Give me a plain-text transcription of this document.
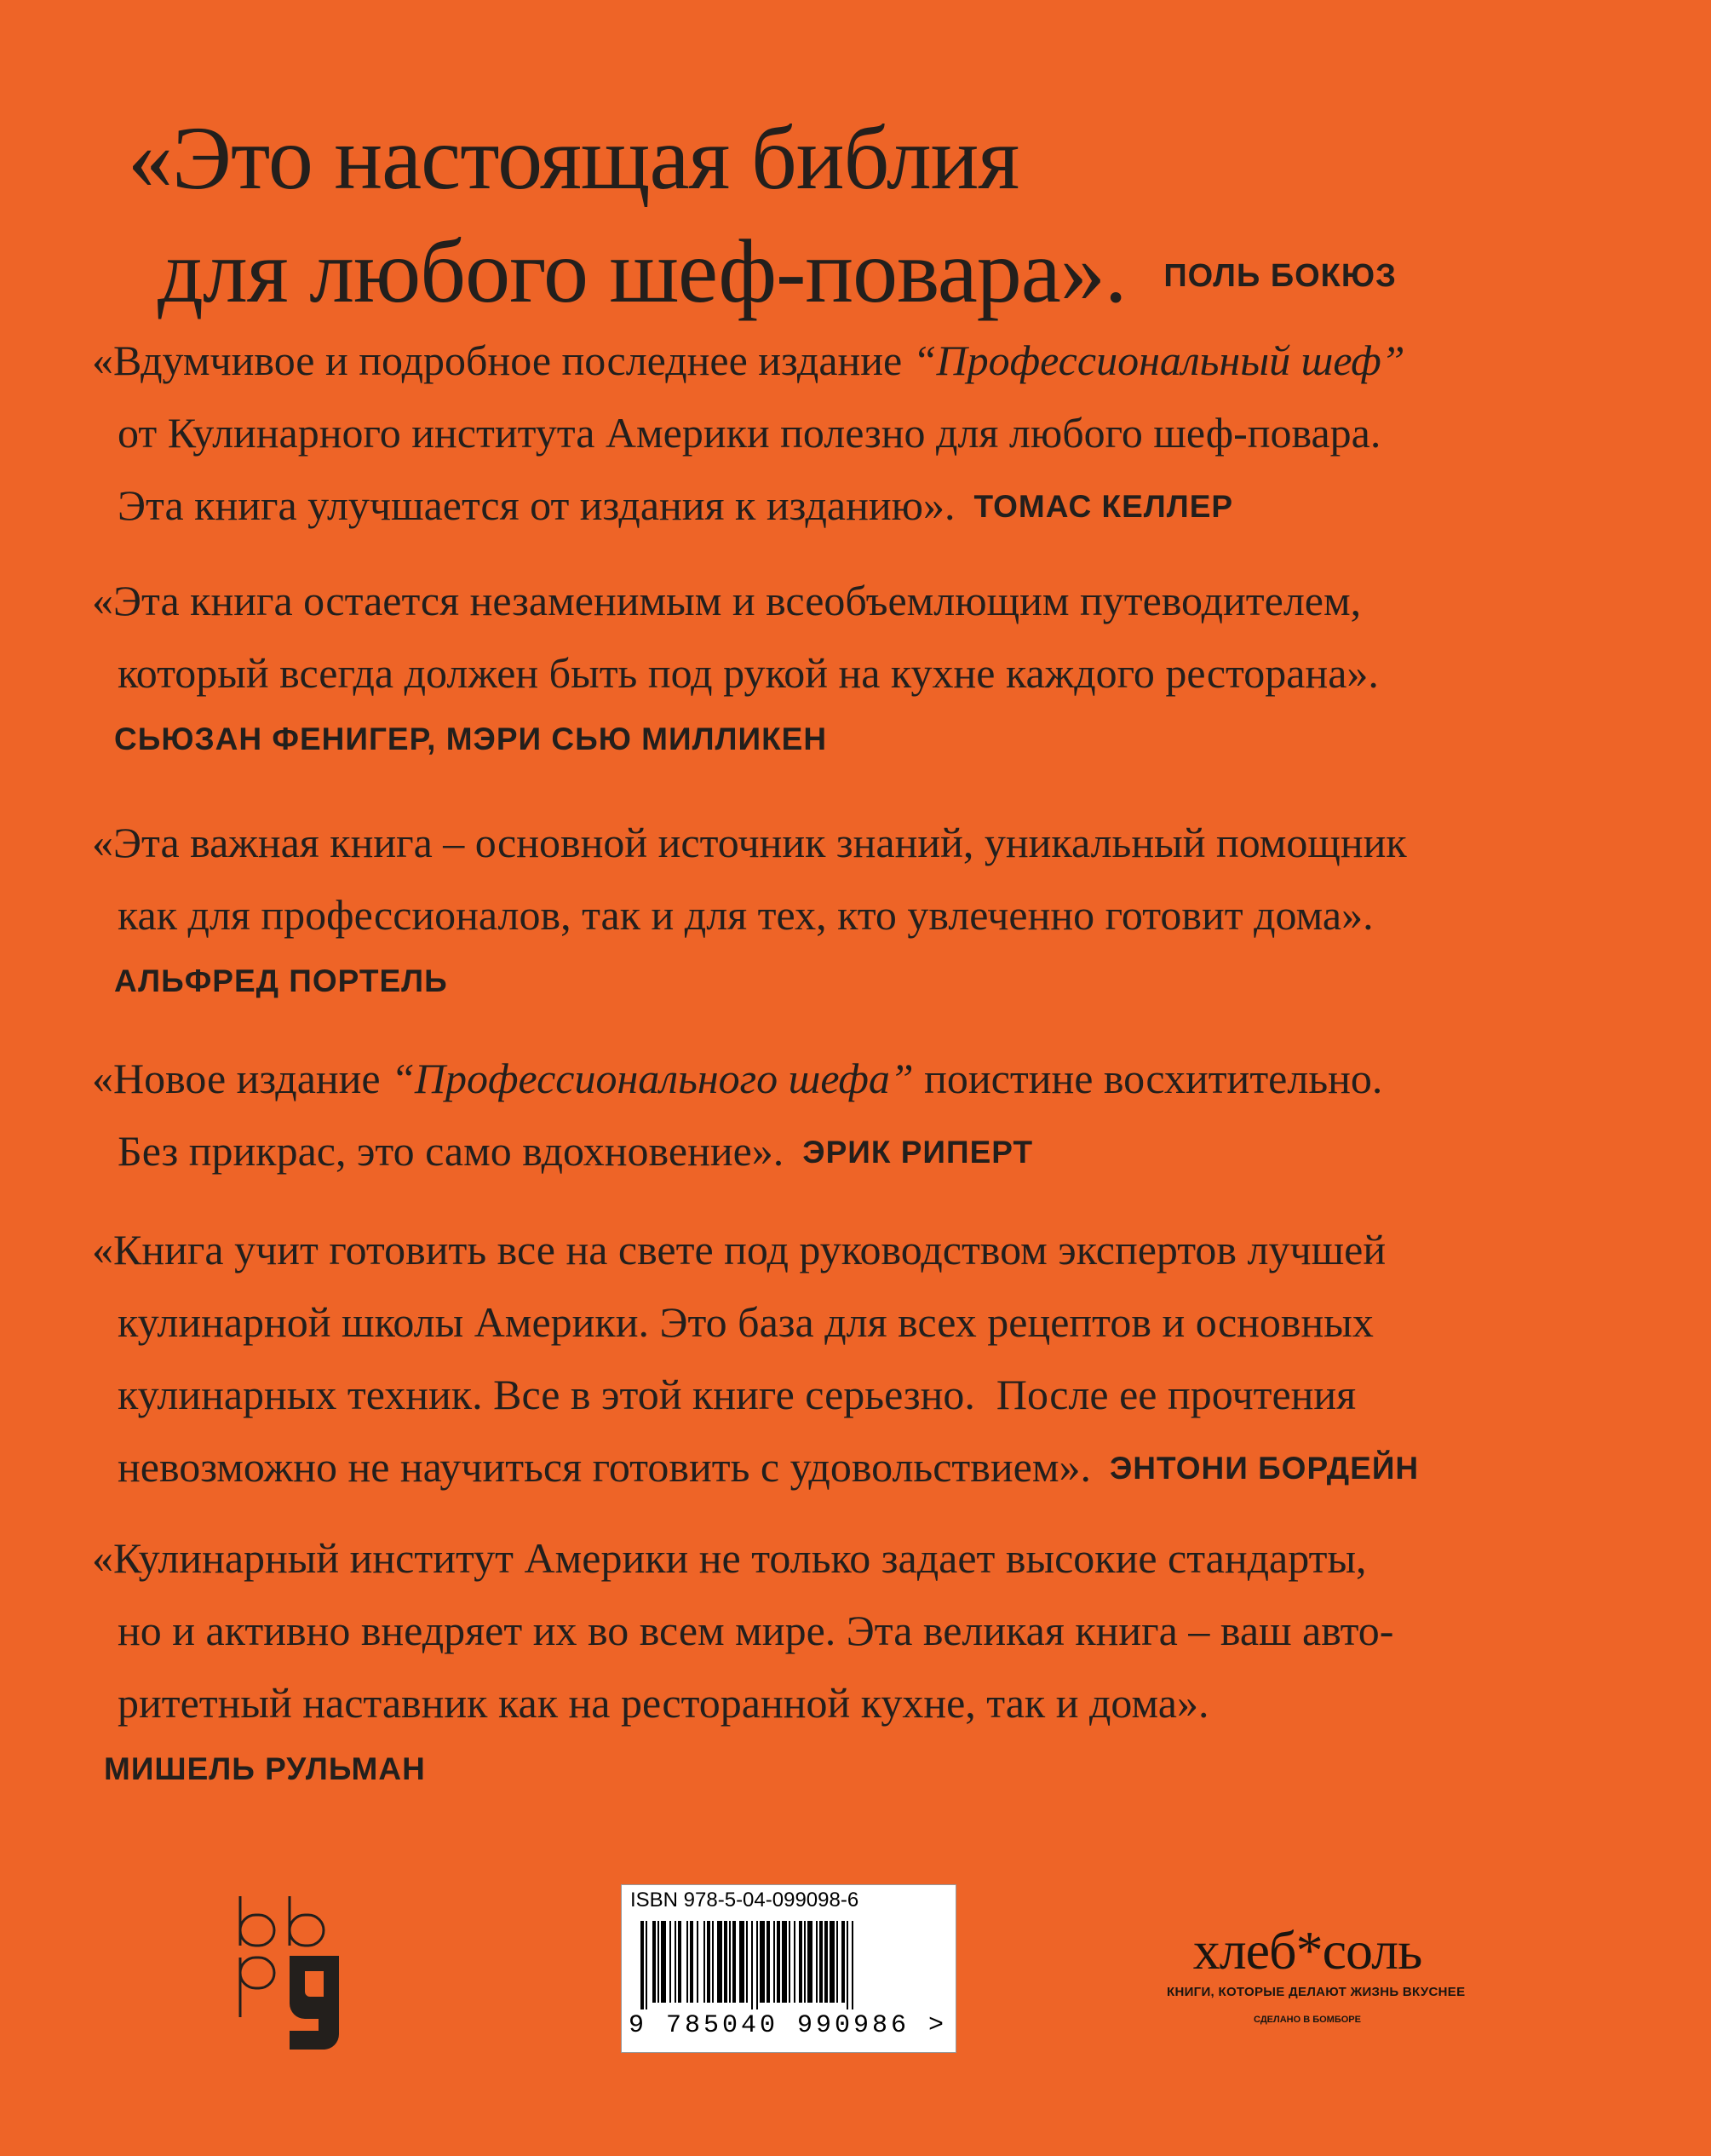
«Это настоящая библия
для любого шеф-повара». ПОЛЬ БОКЮЗ
«Вдумчивое и подробное последнее издание “Профессиональный шеф”
от Кулинарного института Америки полезно для любого шеф-повара.
Эта книга улучшается от издания к изданию». ТОМАС КЕЛЛЕР
«Эта книга остается незаменимым и всеобъемлющим путеводителем,
который всегда должен быть под рукой на кухне каждого ресторана».
СЬЮЗАН ФЕНИГЕР, МЭРИ СЬЮ МИЛЛИКЕН
«Эта важная книга – основной источник знаний, уникальный помощник
как для профессионалов, так и для тех, кто увлеченно готовит дома».
АЛЬФРЕД ПОРТЕЛЬ
«Новое издание “Профессионального шефа” поистине восхитительно.
Без прикрас, это само вдохновение». ЭРИК РИПЕРТ
«Книга учит готовить все на свете под руководством экспертов лучшей
кулинарной школы Америки. Это база для всех рецептов и основных
кулинарных техник. Все в этой книге серьезно.  После ее прочтения
невозможно не научиться готовить с удовольствием». ЭНТОНИ БОРДЕЙН
«Кулинарный институт Америки не только задает высокие стандарты,
но и активно внедряет их во всем мире. Эта великая книга – ваш авто-
ритетный наставник как на ресторанной кухне, так и дома».
МИШЕЛЬ РУЛЬМАН
ISBN 978-5-04-099098-6
9 785040 990986 >
хлеб*соль
КНИГИ, КОТОРЫЕ ДЕЛАЮТ ЖИЗНЬ ВКУСНЕЕ
СДЕЛАНО В БОМБОРЕ
